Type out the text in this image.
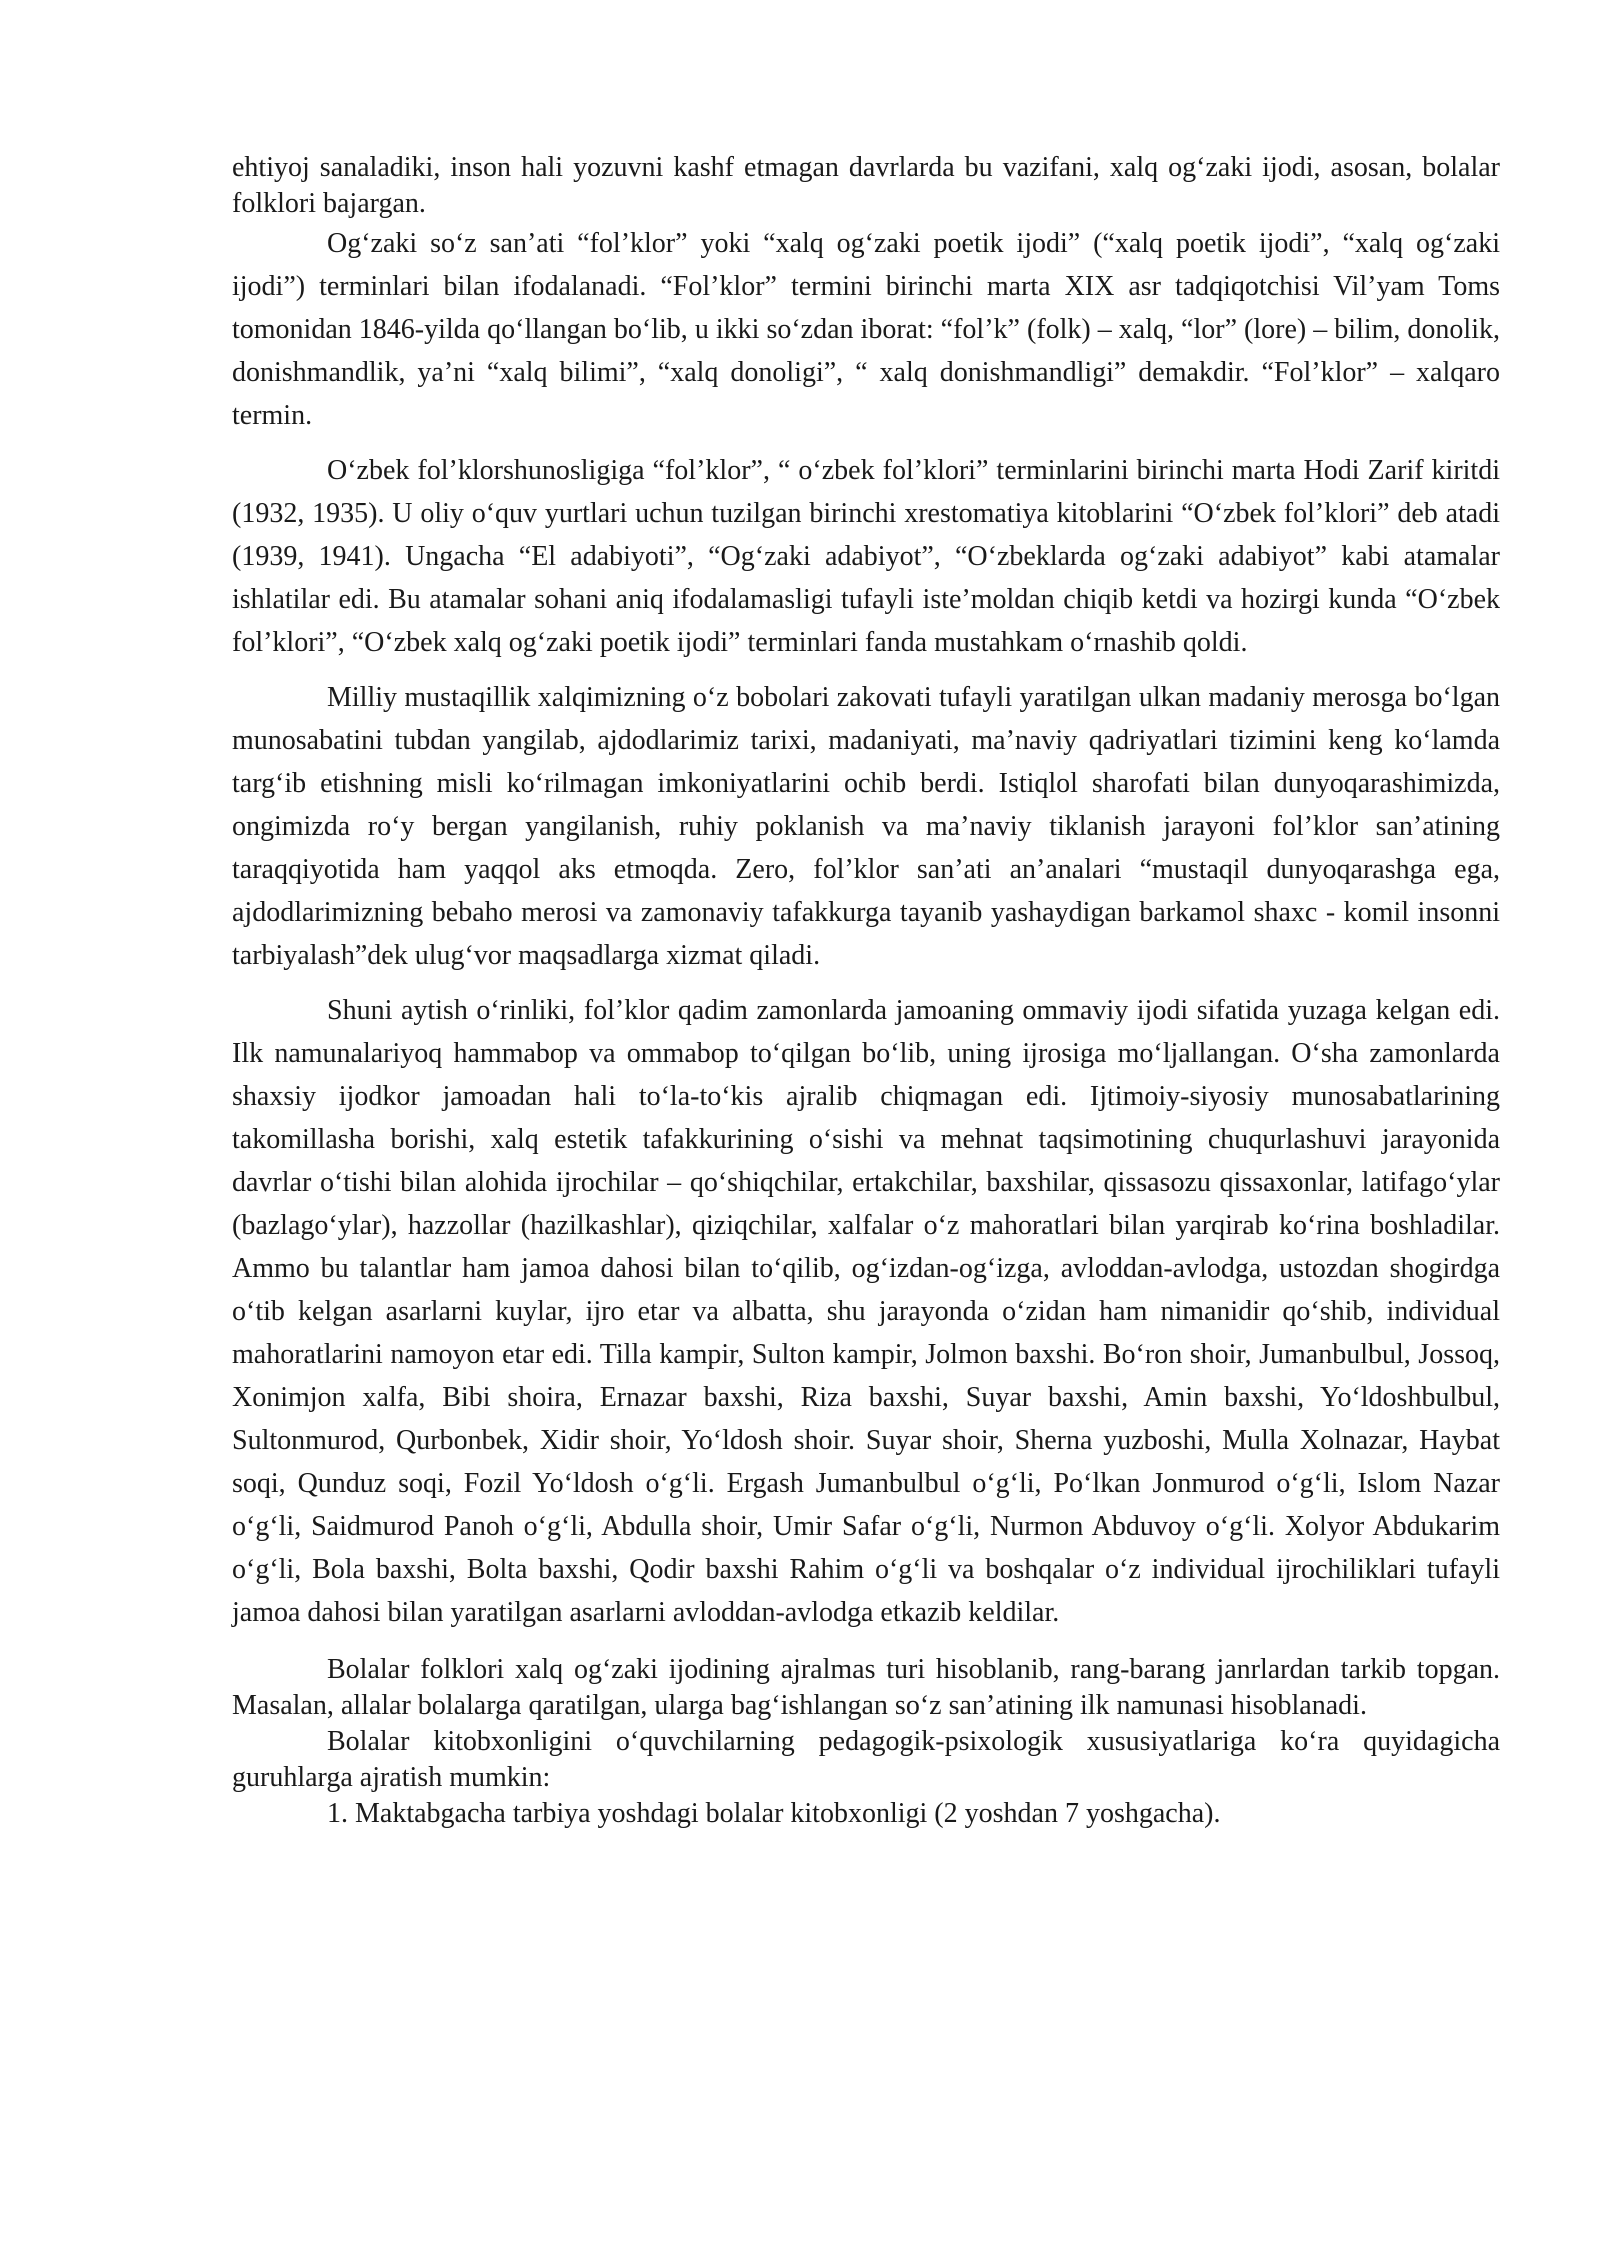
ehtiyoj sanaladiki, inson hali yozuvni kashf etmagan davrlarda bu vazifani, xalq og‘zaki ijodi, asosan, bolalar folklori bajargan.

Og‘zaki so‘z san’ati “fol’klor” yoki “xalq og‘zaki poetik ijodi” (“xalq poetik ijodi”, “xalq og‘zaki ijodi”) terminlari bilan ifodalanadi. “Fol’klor” termini birinchi marta XIX asr tadqiqotchisi Vil’yam Toms tomonidan 1846-yilda qo‘llangan bo‘lib, u ikki so‘zdan iborat: “fol’k” (folk) – xalq, “lor” (lore) – bilim, donolik, donishmandlik, ya’ni “xalq bilimi”, “xalq donoligi”, “ xalq donishmandligi” demakdir. “Fol’klor” – xalqaro termin.

O‘zbek fol’klorshunosligiga “fol’klor”, “ o‘zbek fol’klori” terminlarini birinchi marta Hodi Zarif kiritdi (1932, 1935). U oliy o‘quv yurtlari uchun tuzilgan birinchi xrestomatiya kitoblarini “O‘zbek fol’klori” deb atadi (1939, 1941). Ungacha “El adabiyoti”, “Og‘zaki adabiyot”, “O‘zbeklarda og‘zaki adabiyot” kabi atamalar ishlatilar edi. Bu atamalar sohani aniq ifodalamasligi tufayli iste’moldan chiqib ketdi va hozirgi kunda “O‘zbek fol’klori”, “O‘zbek xalq og‘zaki poetik ijodi” terminlari fanda mustahkam o‘rnashib qoldi.

Milliy mustaqillik xalqimizning o‘z bobolari zakovati tufayli yaratilgan ulkan madaniy merosga bo‘lgan munosabatini tubdan yangilab, ajdodlarimiz tarixi, madaniyati, ma’naviy qadriyatlari tizimini keng ko‘lamda targ‘ib etishning misli ko‘rilmagan imkoniyatlarini ochib berdi. Istiqlol sharofati bilan dunyoqarashimizda, ongimizda ro‘y bergan yangilanish, ruhiy poklanish va ma’naviy tiklanish jarayoni fol’klor san’atining taraqqiyotida ham yaqqol aks etmoqda. Zero, fol’klor san’ati an’analari “mustaqil dunyoqarashga ega, ajdodlarimizning bebaho merosi va zamonaviy tafakkurga tayanib yashaydigan barkamol shaxc - komil insonni tarbiyalash”dek ulug‘vor maqsadlarga xizmat qiladi.

Shuni aytish o‘rinliki, fol’klor qadim zamonlarda jamoaning ommaviy ijodi sifatida yuzaga kelgan edi. Ilk namunalariyoq hammabop va ommabop to‘qilgan bo‘lib, uning ijrosiga mo‘ljallangan. O‘sha zamonlarda shaxsiy ijodkor jamoadan hali to‘la-to‘kis ajralib chiqmagan edi. Ijtimoiy-siyosiy munosabatlarining takomillasha borishi, xalq estetik tafakkurining o‘sishi va mehnat taqsimotining chuqurlashuvi jarayonida davrlar o‘tishi bilan alohida ijrochilar – qo‘shiqchilar, ertakchilar, baxshilar, qissasozu qissaxonlar, latifago‘ylar (bazlago‘ylar), hazzollar (hazilkashlar), qiziqchilar, xalfalar o‘z mahoratlari bilan yarqirab ko‘rina boshladilar. Ammo bu talantlar ham jamoa dahosi bilan to‘qilib, og‘izdan-og‘izga, avloddan-avlodga, ustozdan shogirdga o‘tib kelgan asarlarni kuylar, ijro etar va albatta, shu jarayonda o‘zidan ham nimanidir qo‘shib, individual mahoratlarini namoyon etar edi. Tilla kampir, Sulton kampir, Jolmon baxshi. Bo‘ron shoir, Jumanbulbul, Jossoq, Xonimjon xalfa, Bibi shoira, Ernazar baxshi, Riza baxshi, Suyar baxshi, Amin baxshi, Yo‘ldoshbulbul, Sultonmurod, Qurbonbek, Xidir shoir, Yo‘ldosh shoir. Suyar shoir, Sherna yuzboshi, Mulla Xolnazar, Haybat soqi, Qunduz soqi, Fozil Yo‘ldosh o‘g‘li. Ergash Jumanbulbul o‘g‘li, Po‘lkan Jonmurod o‘g‘li, Islom Nazar o‘g‘li, Saidmurod Panoh o‘g‘li, Abdulla shoir, Umir Safar o‘g‘li, Nurmon Abduvoy o‘g‘li. Xolyor Abdukarim o‘g‘li, Bola baxshi, Bolta baxshi, Qodir baxshi Rahim o‘g‘li va boshqalar o‘z individual ijrochiliklari tufayli jamoa dahosi bilan yaratilgan asarlarni avloddan-avlodga etkazib keldilar.

Bolalar folklori xalq og‘zaki ijodining ajralmas turi hisoblanib, rang-barang janrlardan tarkib topgan. Masalan, allalar bolalarga qaratilgan, ularga bag‘ishlangan so‘z san’atining ilk namunasi hisoblanadi.

Bolalar kitobxonligini o‘quvchilarning pedagogik-psixologik xususiyatlariga ko‘ra quyidagicha guruhlarga ajratish mumkin:

1. Maktabgacha tarbiya yoshdagi bolalar kitobxonligi (2 yoshdan 7 yoshgacha).
